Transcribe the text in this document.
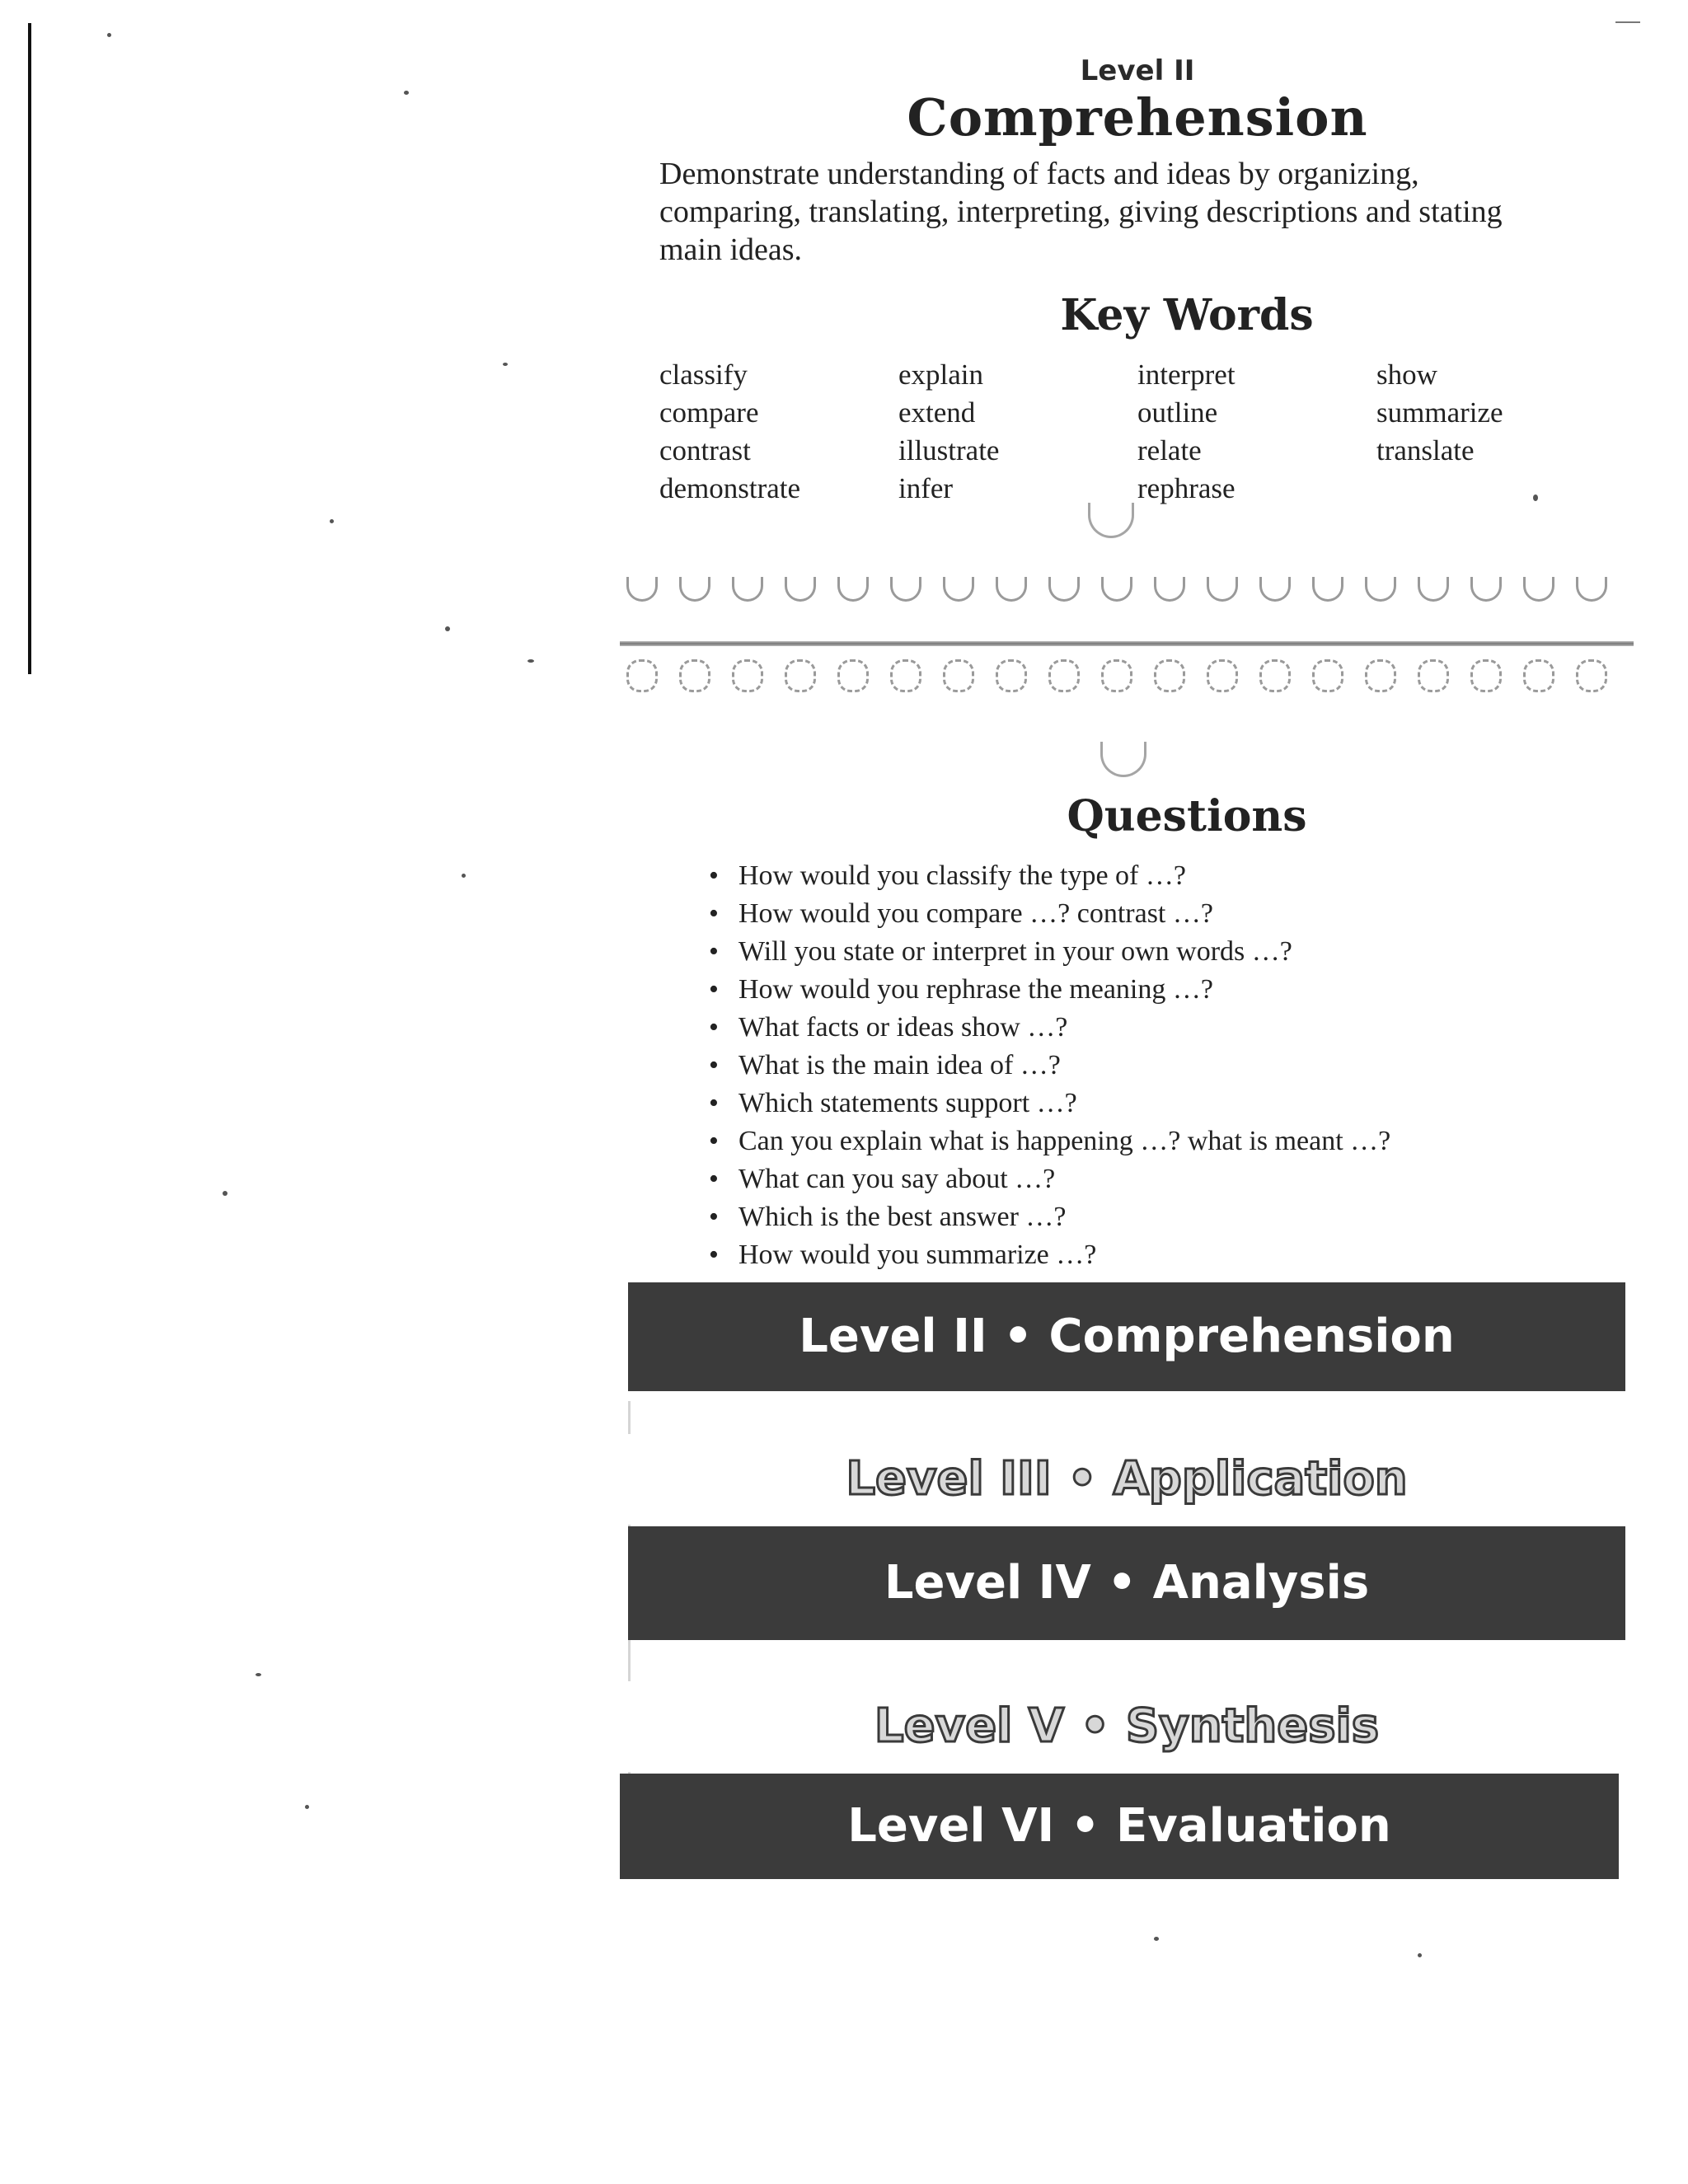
Level II
Comprehension
Demonstrate understanding of facts and ideas by organizing, comparing, translating, interpreting, giving descriptions and stating main ideas.
Key Words
classify
compare
contrast
demonstrate
explain
extend
illustrate
infer
interpret
outline
relate
rephrase
show
summarize
translate
Questions
• How would you classify the type of …?
• How would you compare …? contrast …?
• Will you state or interpret in your own words …?
• How would you rephrase the meaning …?
• What facts or ideas show …?
• What is the main idea of …?
• Which statements support …?
• Can you explain what is happening …? what is meant …?
• What can you say about …?
• Which is the best answer …?
• How would you summarize …?
Level II • Comprehension
Level III • Application
Level IV • Analysis
Level V • Synthesis
Level VI • Evaluation
